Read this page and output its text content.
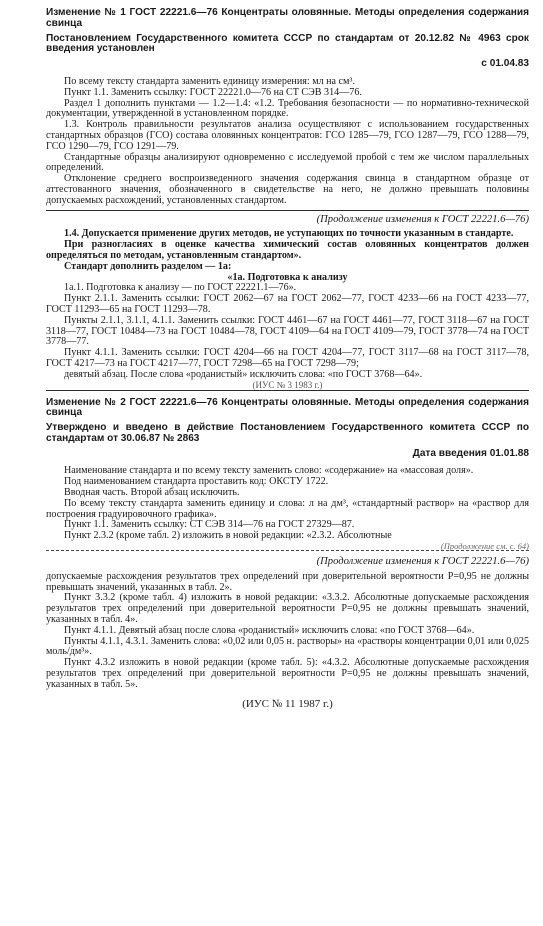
Изменение № 1 ГОСТ 22221.6—76 Концентраты оловянные. Методы определения содержания свинца

Постановлением Государственного комитета СССР по стандартам от 20.12.82 № 4963 срок введения установлен

с 01.04.83

По всему тексту стандарта заменить единицу измерения: мл на см³.

Пункт 1.1. Заменить ссылку: ГОСТ 22221.0—76 на СТ СЭВ 314—76.

Раздел 1 дополнить пунктами — 1.2—1.4: «1.2. Требования безопасности — по нормативно-технической документации, утвержденной в установленном порядке.

1.3. Контроль правильности результатов анализа осуществляют с использованием государственных стандартных образцов (ГСО) состава оловянных концентратов: ГСО 1285—79, ГСО 1287—79, ГСО 1288—79, ГСО 1290—79, ГСО 1291—79.

Стандартные образцы анализируют одновременно с исследуемой пробой с тем же числом параллельных определений.

Отклонение среднего воспроизведенного значения содержания свинца в стандартном образце от аттестованного значения, обозначенного в свидетельстве на него, не должно превышать половины допускаемых расхождений, установленных стандартом.

(Продолжение изменения к ГОСТ 22221.6—76)

1.4. Допускается применение других методов, не уступающих по точности указанным в стандарте.

При разногласиях в оценке качества химический состав оловянных концентратов должен определяться по методам, установленным стандартом».

Стандарт дополнить разделом — 1а:

«1а. Подготовка к анализу

1а.1. Подготовка к анализу — по ГОСТ 22221.1—76».

Пункт 2.1.1. Заменить ссылки: ГОСТ 2062—67 на ГОСТ 2062—77, ГОСТ 4233—66 на ГОСТ 4233—77, ГОСТ 11293—65 на ГОСТ 11293—78.

Пункты 2.1.1, 3.1.1, 4.1.1. Заменить ссылки: ГОСТ 4461—67 на ГОСТ 4461—77, ГОСТ 3118—67 на ГОСТ 3118—77, ГОСТ 10484—73 на ГОСТ 10484—78, ГОСТ 4109—64 на ГОСТ 4109—79, ГОСТ 3778—74 на ГОСТ 3778—77.

Пункт 4.1.1. Заменить ссылки: ГОСТ 4204—66 на ГОСТ 4204—77, ГОСТ 3117—68 на ГОСТ 3117—78, ГОСТ 4217—73 на ГОСТ 4217—77, ГОСТ 7298—65 на ГОСТ 7298—79;

девятый абзац. После слова «роданистый» исключить слова: «по ГОСТ 3768—64».

(ИУС № 3 1983 г.)

Изменение № 2 ГОСТ 22221.6—76 Концентраты оловянные. Методы определения содержания свинца

Утверждено и введено в действие Постановлением Государственного комитета СССР по стандартам от 30.06.87 № 2863

Дата введения 01.01.88

Наименование стандарта и по всему тексту заменить слово: «содержание» на «массовая доля».

Под наименованием стандарта проставить код: ОКСТУ 1722.

Вводная часть. Второй абзац исключить.

По всему тексту стандарта заменить единицу и слова: л на дм³, «стандартный раствор» на «раствор для построения градуировочного графика».

Пункт 1.1. Заменить ссылку: СТ СЭВ 314—76 на ГОСТ 27329—87.

Пункт 2.3.2 (кроме табл. 2) изложить в новой редакции: «2.3.2. Абсолютные

(Продолжение см. с. 64)

(Продолжение изменения к ГОСТ 22221.6—76)

допускаемые расхождения результатов трех определений при доверительной вероятности P=0,95 не должны превышать значений, указанных в табл. 2».

Пункт 3.3.2 (кроме табл. 4) изложить в новой редакции: «3.3.2. Абсолютные допускаемые расхождения результатов трех определений при доверительной вероятности P=0,95 не должны превышать значений, указанных в табл. 4».

Пункт 4.1.1. Девятый абзац после слова «роданистый» исключить слова: «по ГОСТ 3768—64».

Пункты 4.1.1, 4.3.1. Заменить слова: «0,02 или 0,05 н. растворы» на «растворы концентрации 0,01 или 0,025 моль/дм³».

Пункт 4.3.2 изложить в новой редакции (кроме табл. 5): «4.3.2. Абсолютные допускаемые расхождения результатов трех определений при доверительной вероятности P=0,95 не должны превышать значений, указанных в табл. 5».

(ИУС № 11 1987 г.)
